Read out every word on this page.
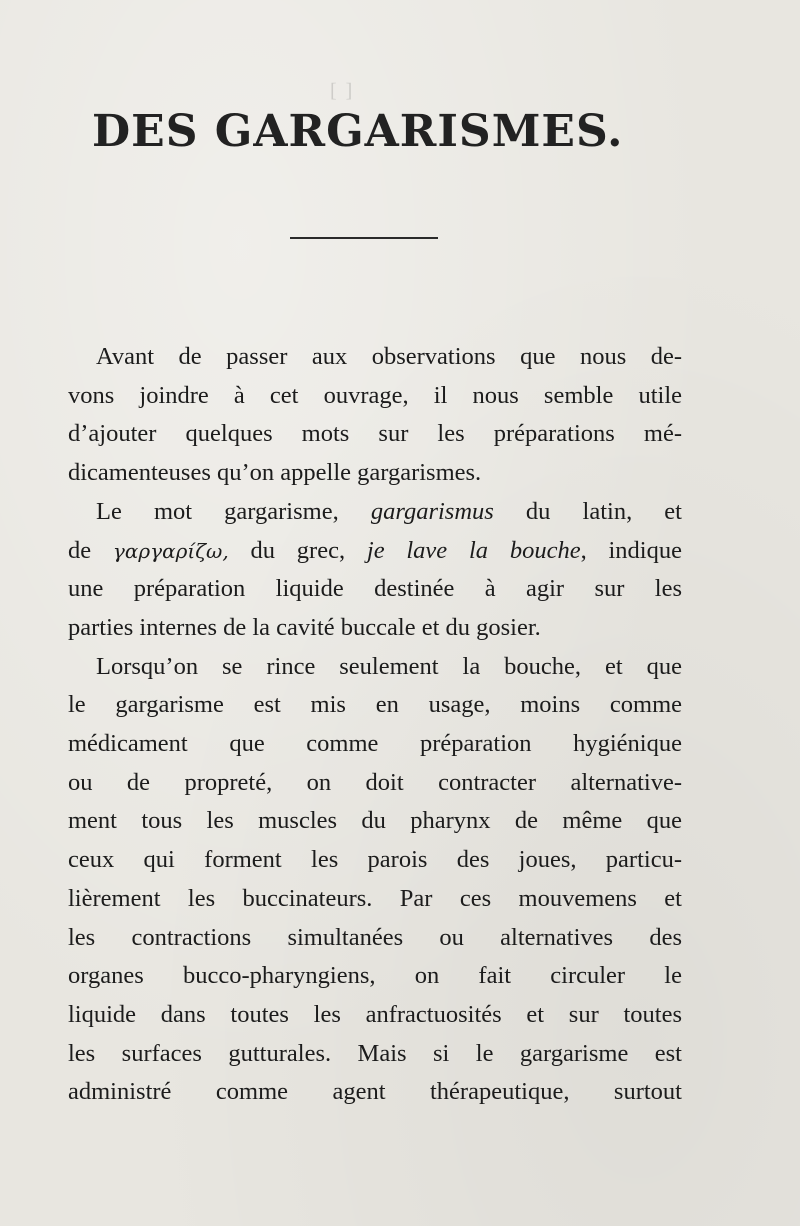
[ ]
DES GARGARISMES.
Avant de passer aux observations que nous de-
vons joindre à cet ouvrage, il nous semble utile
d’ajouter quelques mots sur les préparations mé-
dicamenteuses qu’on appelle gargarismes.
Le mot gargarisme, gargarismus du latin, et
de γαργαρίζω, du grec, je lave la bouche, indique
une préparation liquide destinée à agir sur les
parties internes de la cavité buccale et du gosier.
Lorsqu’on se rince seulement la bouche, et que
le gargarisme est mis en usage, moins comme
médicament que comme préparation hygiénique
ou de propreté, on doit contracter alternative-
ment tous les muscles du pharynx de même que
ceux qui forment les parois des joues, particu-
lièrement les buccinateurs. Par ces mouvemens et
les contractions simultanées ou alternatives des
organes bucco-pharyngiens, on fait circuler le
liquide dans toutes les anfractuosités et sur toutes
les surfaces gutturales. Mais si le gargarisme est
administré comme agent thérapeutique, surtout
